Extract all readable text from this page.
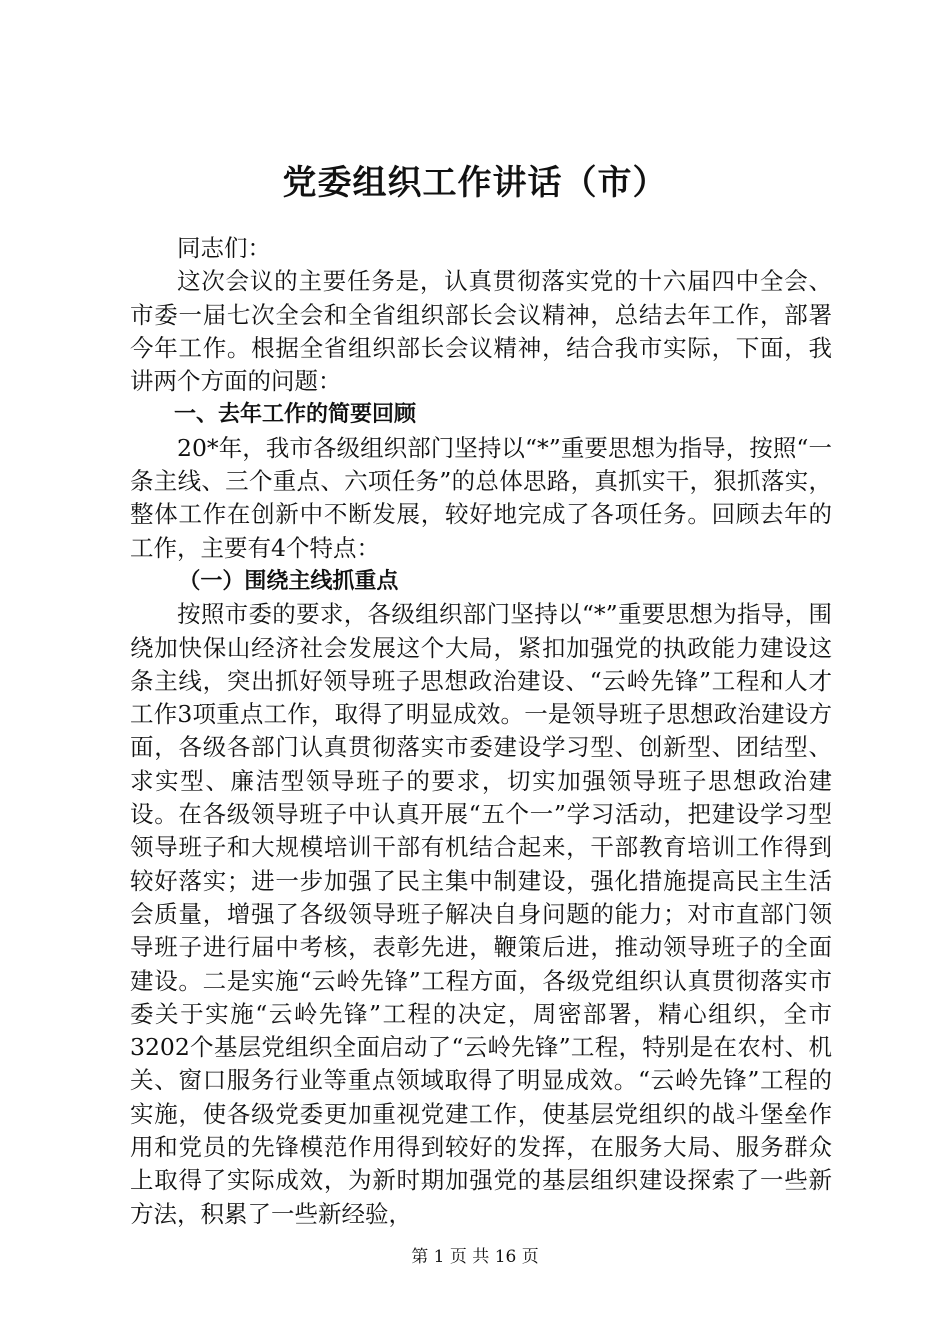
党委组织工作讲话（市）

同志们：

这次会议的主要任务是，认真贯彻落实党的十六届四中全会、市委一届七次全会和全省组织部长会议精神，总结去年工作，部署今年工作。根据全省组织部长会议精神，结合我市实际，下面，我讲两个方面的问题：

一、去年工作的简要回顾

20*年，我市各级组织部门坚持以“*”重要思想为指导，按照“一条主线、三个重点、六项任务”的总体思路，真抓实干，狠抓落实，整体工作在创新中不断发展，较好地完成了各项任务。回顾去年的工作，主要有4个特点：

（一）围绕主线抓重点

按照市委的要求，各级组织部门坚持以“*”重要思想为指导，围绕加快保山经济社会发展这个大局，紧扣加强党的执政能力建设这条主线，突出抓好领导班子思想政治建设、“云岭先锋”工程和人才工作3项重点工作，取得了明显成效。一是领导班子思想政治建设方面，各级各部门认真贯彻落实市委建设学习型、创新型、团结型、求实型、廉洁型领导班子的要求，切实加强领导班子思想政治建设。在各级领导班子中认真开展“五个一”学习活动，把建设学习型领导班子和大规模培训干部有机结合起来，干部教育培训工作得到较好落实；进一步加强了民主集中制建设，强化措施提高民主生活会质量，增强了各级领导班子解决自身问题的能力；对市直部门领导班子进行届中考核，表彰先进，鞭策后进，推动领导班子的全面建设。二是实施“云岭先锋”工程方面，各级党组织认真贯彻落实市委关于实施“云岭先锋”工程的决定，周密部署，精心组织，全市3202个基层党组织全面启动了“云岭先锋”工程，特别是在农村、机关、窗口服务行业等重点领域取得了明显成效。“云岭先锋”工程的实施，使各级党委更加重视党建工作，使基层党组织的战斗堡垒作用和党员的先锋模范作用得到较好的发挥，在服务大局、服务群众上取得了实际成效，为新时期加强党的基层组织建设探索了一些新方法，积累了一些新经验，

第 1 页 共 16 页
